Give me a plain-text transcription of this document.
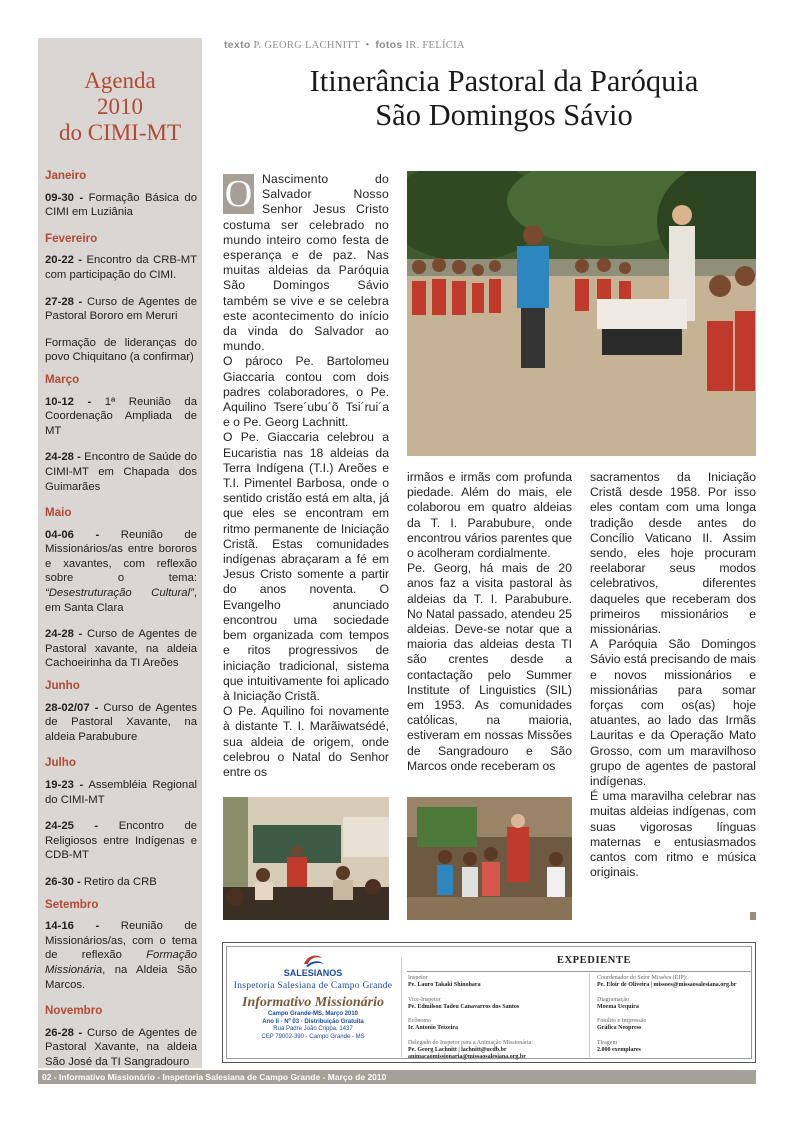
Agenda
2010
do CIMI-MT
Janeiro
09-30 - Formação Básica do CIMI em Luziânia
Fevereiro
20-22 - Encontro da CRB-MT com participação do CIMI.
27-28 - Curso de Agentes de Pastoral Bororo em Meruri
Formação de lideranças do povo Chiquitano (a confirmar)
Março
10-12 - 1ª Reunião da Coordenação Ampliada de MT
24-28 - Encontro de Saúde do CIMI-MT em Chapada dos Guimarães
Maio
04-06 - Reunião de Missionários/as entre bororos e xavantes, com reflexão sobre o tema: “Desestruturação Cultural”, em Santa Clara
24-28 - Curso de Agentes de Pastoral xavante, na aldeia Cachoeirinha da TI Areões
Junho
28-02/07 - Curso de Agentes de Pastoral Xavante, na aldeia Parabubure
Julho
19-23 - Assembléia Regional do CIMI-MT
24-25 - Encontro de Religiosos entre Indígenas e CDB-MT
26-30 - Retiro da CRB
Setembro
14-16 - Reunião de Missionários/as, com o tema de reflexão Formação Missionária, na Aldeia São Marcos.
Novembro
26-28 - Curso de Agentes de Pastoral Xavante, na aldeia São José da TI Sangradouro
texto P. GEORG LACHNITT • fotos IR. FELÍCIA
Itinerância Pastoral da Paróquia
São Domingos Sávio

O Nascimento do Salvador Nosso Senhor Jesus Cristo costuma ser celebrado no mundo inteiro como festa de esperança e de paz. Nas muitas aldeias da Paróquia São Domingos Sávio também se vive e se celebra este acontecimento do início da vinda do Salvador ao mundo.

O pároco Pe. Bartolomeu Giaccaria contou com dois padres colaboradores, o Pe. Aquilino Tsere´ubu´õ Tsi´rui´a e o Pe. Georg Lachnitt.

O Pe. Giaccaria celebrou a Eucaristia nas 18 aldeias da Terra Indígena (T.I.) Areões e T.I. Pimentel Barbosa, onde o sentido cristão está em alta, já que eles se encontram em ritmo permanente de Iniciação Cristã. Estas comunidades indígenas abraçaram a fé em Jesus Cristo somente a partir do anos noventa. O Evangelho anunciado encontrou uma sociedade bem organizada com tempos e ritos progressivos de iniciação tradicional, sistema que intuitivamente foi aplicado à Iniciação Cristã.

O Pe. Aquilino foi novamente à distante T. I. Marãiwatsédé, sua aldeia de origem, onde celebrou o Natal do Senhor entre os

irmãos e irmãs com profunda piedade. Além do mais, ele colaborou em quatro aldeias da T. I. Parabubure, onde encontrou vários parentes que o acolheram cordialmente.

Pe. Georg, há mais de 20 anos faz a visita pastoral às aldeias da T. I. Parabubure. No Natal passado, atendeu 25 aldeias. Deve-se notar que a maioria das aldeias desta TI são crentes desde a contactação pelo Summer Institute of Linguistics (SIL) em 1953. As comunidades católicas, na maioria, estiveram em nossas Missões de Sangradouro e São Marcos onde receberam os

sacramentos da Iniciação Cristã desde 1958. Por isso eles contam com uma longa tradição desde antes do Concílio Vaticano II. Assim sendo, eles hoje procuram reelaborar seus modos celebrativos, diferentes daqueles que receberam dos primeiros missionários e missionárias.

A Paróquia São Domingos Sávio está precisando de mais e novos missionários e missionárias para somar forças com os(as) hoje atuantes, ao lado das Irmãs Lauritas e da Operação Mato Grosso, com um maravilhoso grupo de agentes de pastoral indígenas.

É uma maravilha celebrar nas muitas aldeias indígenas, com suas vigorosas línguas maternas e entusiasmados cantos com ritmo e música originais.

EXPEDIENTE
SALESIANOS
Inspetoria Salesiana de Campo Grande
Informativo Missionário
Campo Grande-MS, Março 2010
Ano II - Nº 03 - Distribuição Gratuita
Rua Padre João Crippa, 1437
CEP 79002-390 - Campo Grande - MS
Inspetor
Pe. Lauro Takaki Shinohara
Vice-Inspetor
Pe. Edmilson Tadeu Canavarros dos Santos
Ecônomo
Ir. Antonio Teixeira
Delegado do Inspetor para a Animação Missionária:
Pe. Georg Lachnitt | lachnitt@ucdb.br
animacaomissionaria@missaosalesiana.org.br
Coordenador do Setor Missões (EIP):
Pe. Eloir de Oliveira | missoes@missaosalesiana.org.br
Diagramação
Moema Uequira
Fotolito e Impressão
Gráfica Neopress
Tiragem
2.000 exemplares
02 - Informativo Missionário - Inspetoria Salesiana de Campo Grande - Março de 2010
